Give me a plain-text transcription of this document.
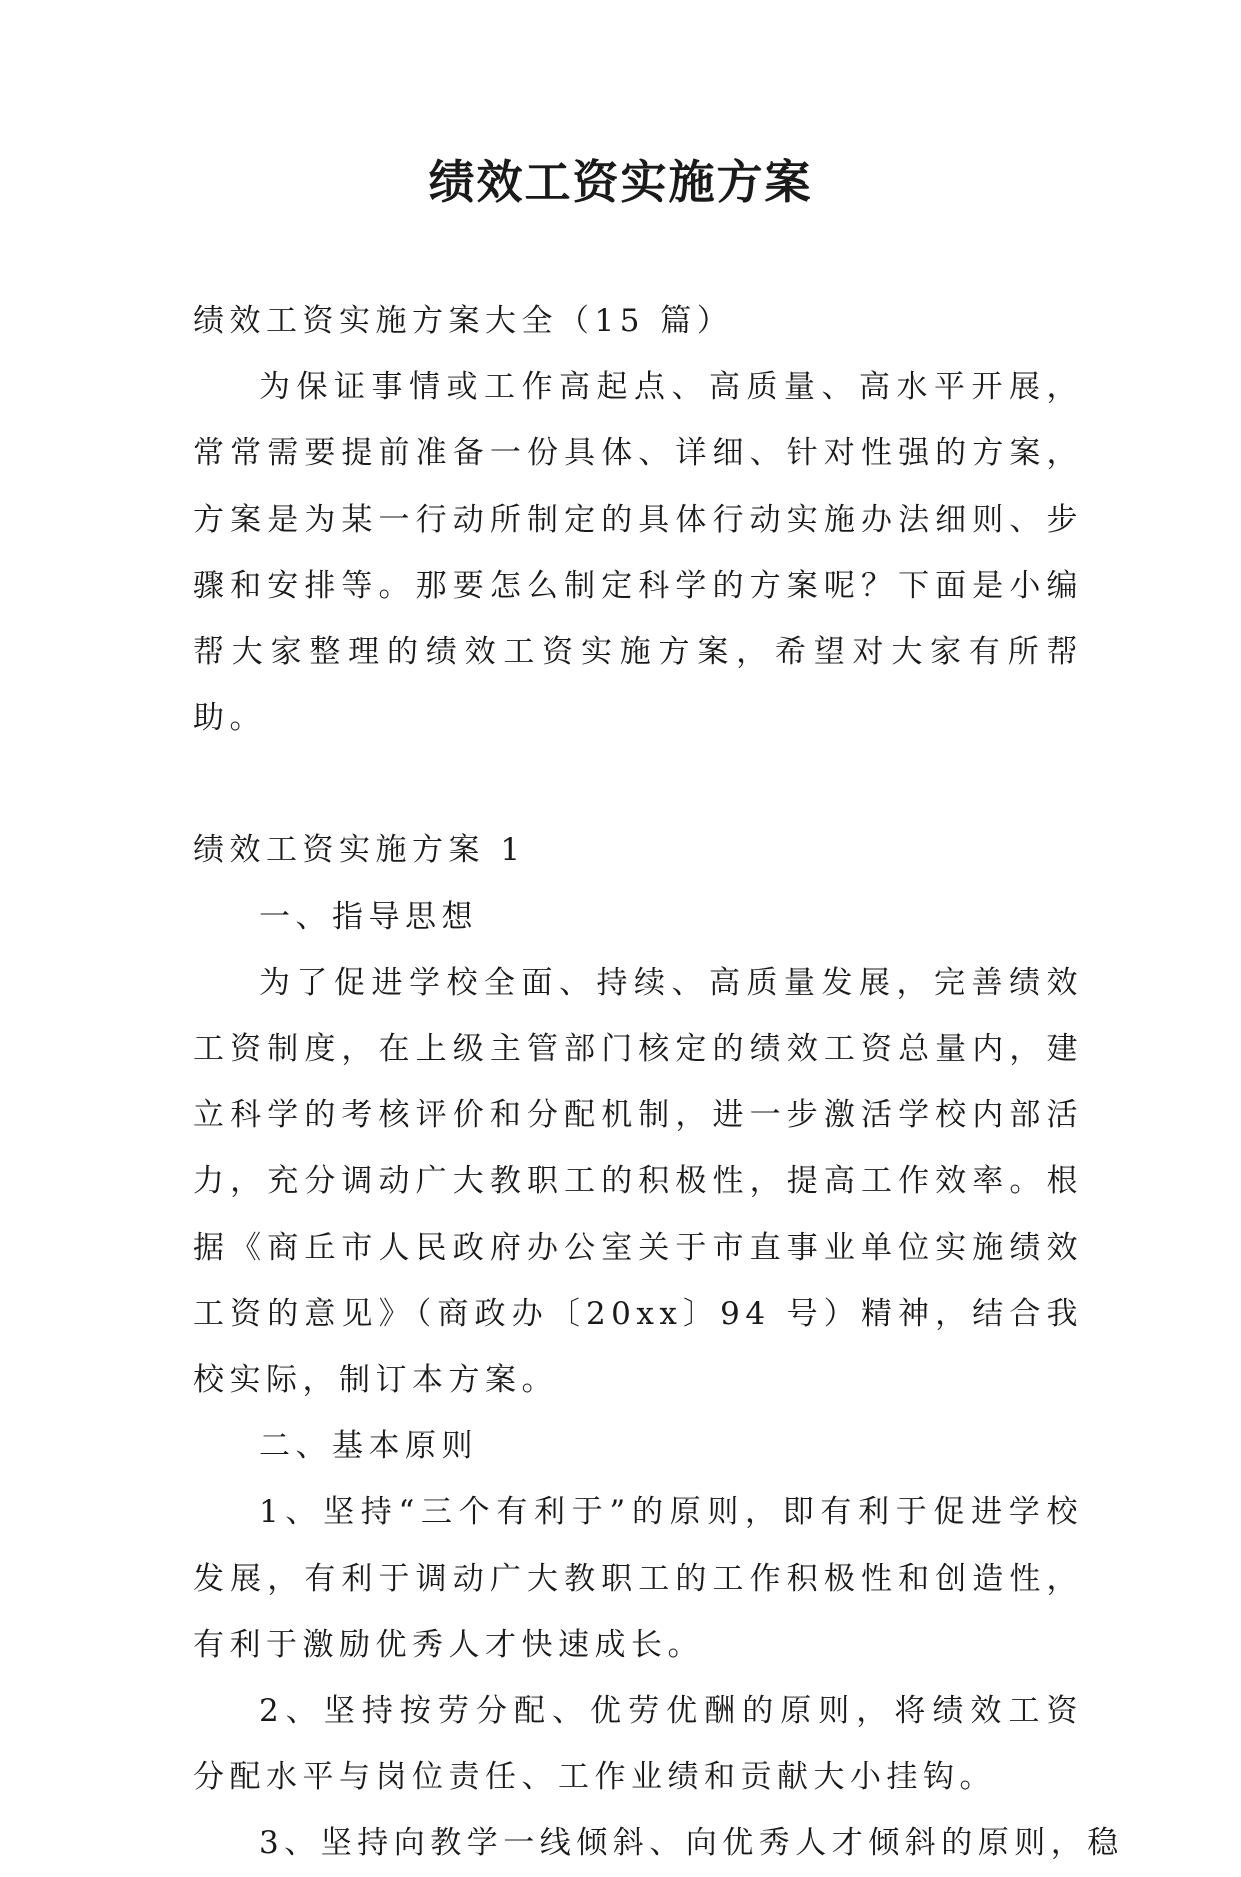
绩效工资实施方案

绩效工资实施方案大全（15 篇）

为保证事情或工作高起点、高质量、高水平开展，常常需要提前准备一份具体、详细、针对性强的方案，方案是为某一行动所制定的具体行动实施办法细则、步骤和安排等。那要怎么制定科学的方案呢？下面是小编帮大家整理的绩效工资实施方案，希望对大家有所帮助。

绩效工资实施方案 1

一、指导思想

为了促进学校全面、持续、高质量发展，完善绩效工资制度，在上级主管部门核定的绩效工资总量内，建立科学的考核评价和分配机制，进一步激活学校内部活力，充分调动广大教职工的积极性，提高工作效率。根据《商丘市人民政府办公室关于市直事业单位实施绩效工资的意见》（商政办〔20xx〕94 号）精神，结合我校实际，制订本方案。

二、基本原则

1、坚持“三个有利于”的原则，即有利于促进学校发展，有利于调动广大教职工的工作积极性和创造性，有利于激励优秀人才快速成长。

2、坚持按劳分配、优劳优酬的原则，将绩效工资分配水平与岗位责任、工作业绩和贡献大小挂钩。

3、坚持向教学一线倾斜、向优秀人才倾斜的原则，稳
